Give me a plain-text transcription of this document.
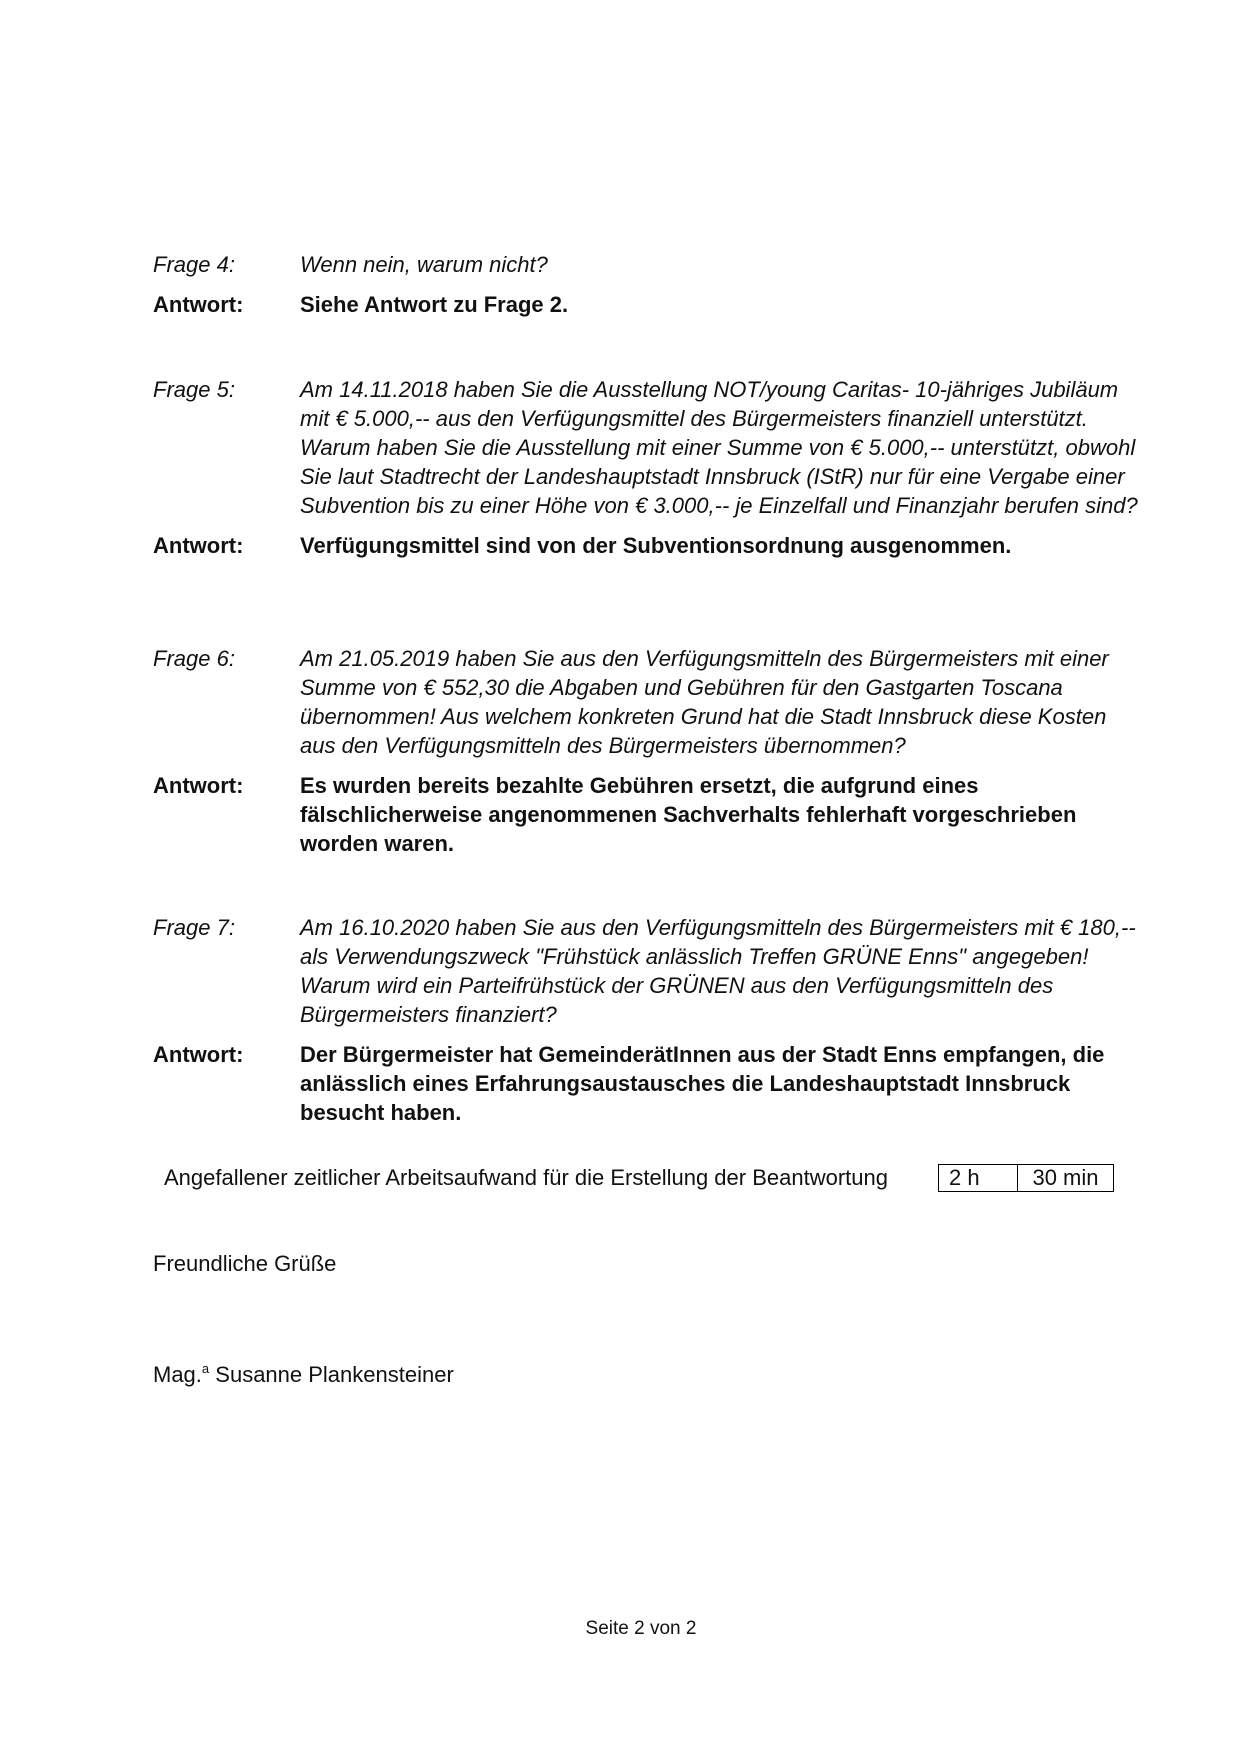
Frage 4:	Wenn nein, warum nicht?
Antwort:	Siehe Antwort zu Frage 2.
Frage 5:	Am 14.11.2018 haben Sie die Ausstellung NOT/young Caritas- 10-jähriges Jubiläum mit € 5.000,-- aus den Verfügungsmittel des Bürgermeisters finanziell unterstützt. Warum haben Sie die Ausstellung mit einer Summe von € 5.000,-- unterstützt, obwohl Sie laut Stadtrecht der Landeshauptstadt Innsbruck (IStR) nur für eine Vergabe einer Subvention bis zu einer Höhe von € 3.000,-- je Einzelfall und Finanzjahr berufen sind?
Antwort:	Verfügungsmittel sind von der Subventionsordnung ausgenommen.
Frage 6:	Am 21.05.2019 haben Sie aus den Verfügungsmitteln des Bürgermeisters mit einer Summe von € 552,30 die Abgaben und Gebühren für den Gastgarten Toscana übernommen! Aus welchem konkreten Grund hat die Stadt Innsbruck diese Kosten aus den Verfügungsmitteln des Bürgermeisters übernommen?
Antwort:	Es wurden bereits bezahlte Gebühren ersetzt, die aufgrund eines fälschlicherweise angenommenen Sachverhalts fehlerhaft vorgeschrieben worden waren.
Frage 7:	Am 16.10.2020 haben Sie aus den Verfügungsmitteln des Bürgermeisters mit € 180,-- als Verwendungszweck "Frühstück anlässlich Treffen GRÜNE Enns" angegeben! Warum wird ein Parteifrühstück der GRÜNEN aus den Verfügungsmitteln des Bürgermeisters finanziert?
Antwort:	Der Bürgermeister hat GemeinderätInnen aus der Stadt Enns empfangen, die anlässlich eines Erfahrungsaustausches die Landeshauptstadt Innsbruck besucht haben.
Angefallener zeitlicher Arbeitsaufwand für die Erstellung der Beantwortung	2 h	30 min
Freundliche Grüße
Mag.$^a$ Susanne Plankensteiner
Seite 2 von 2
